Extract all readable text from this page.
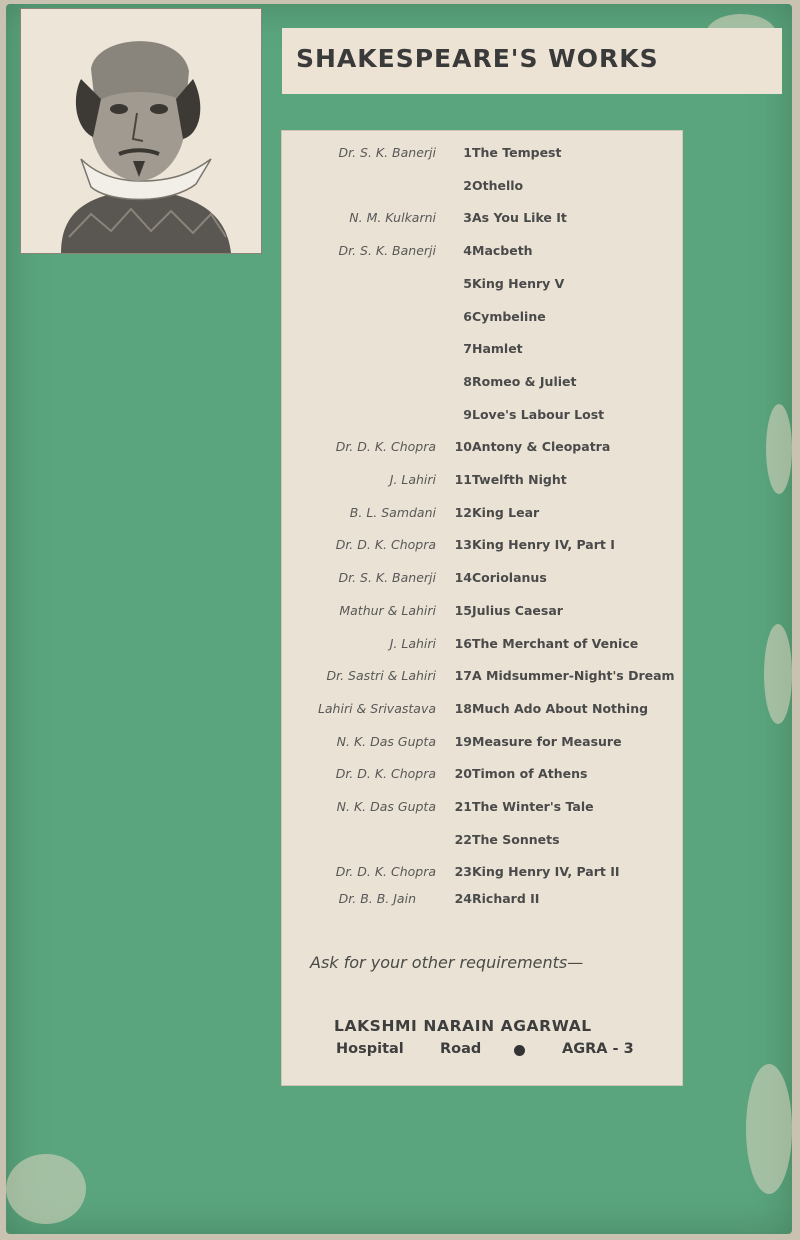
SHAKESPEARE'S WORKS
Dr. S. K. Banerji	1 The Tempest
2 Othello
N. M. Kulkarni	3 As You Like It
Dr. S. K. Banerji	4 Macbeth
5 King Henry V
6 Cymbeline
7 Hamlet
8 Romeo & Juliet
9 Love's Labour Lost
Dr. D. K. Chopra	10 Antony & Cleopatra
J. Lahiri	11 Twelfth Night
B. L. Samdani	12 King Lear
Dr. D. K. Chopra	13 King Henry IV, Part I
Dr. S. K. Banerji	14 Coriolanus
Mathur & Lahiri	15 Julius Caesar
J. Lahiri	16 The Merchant of Venice
Dr. Sastri & Lahiri	17 A Midsummer-Night's Dream
Lahiri & Srivastava	18 Much Ado About Nothing
N. K. Das Gupta	19 Measure for Measure
Dr. D. K. Chopra	20 Timon of Athens
N. K. Das Gupta	21 The Winter's Tale
22 The Sonnets
Dr. D. K. Chopra	23 King Henry IV, Part II
Dr. B. B. Jain	24 Richard II
Ask for your other requirements—
LAKSHMI NARAIN AGARWAL
Hospital Road	AGRA - 3
